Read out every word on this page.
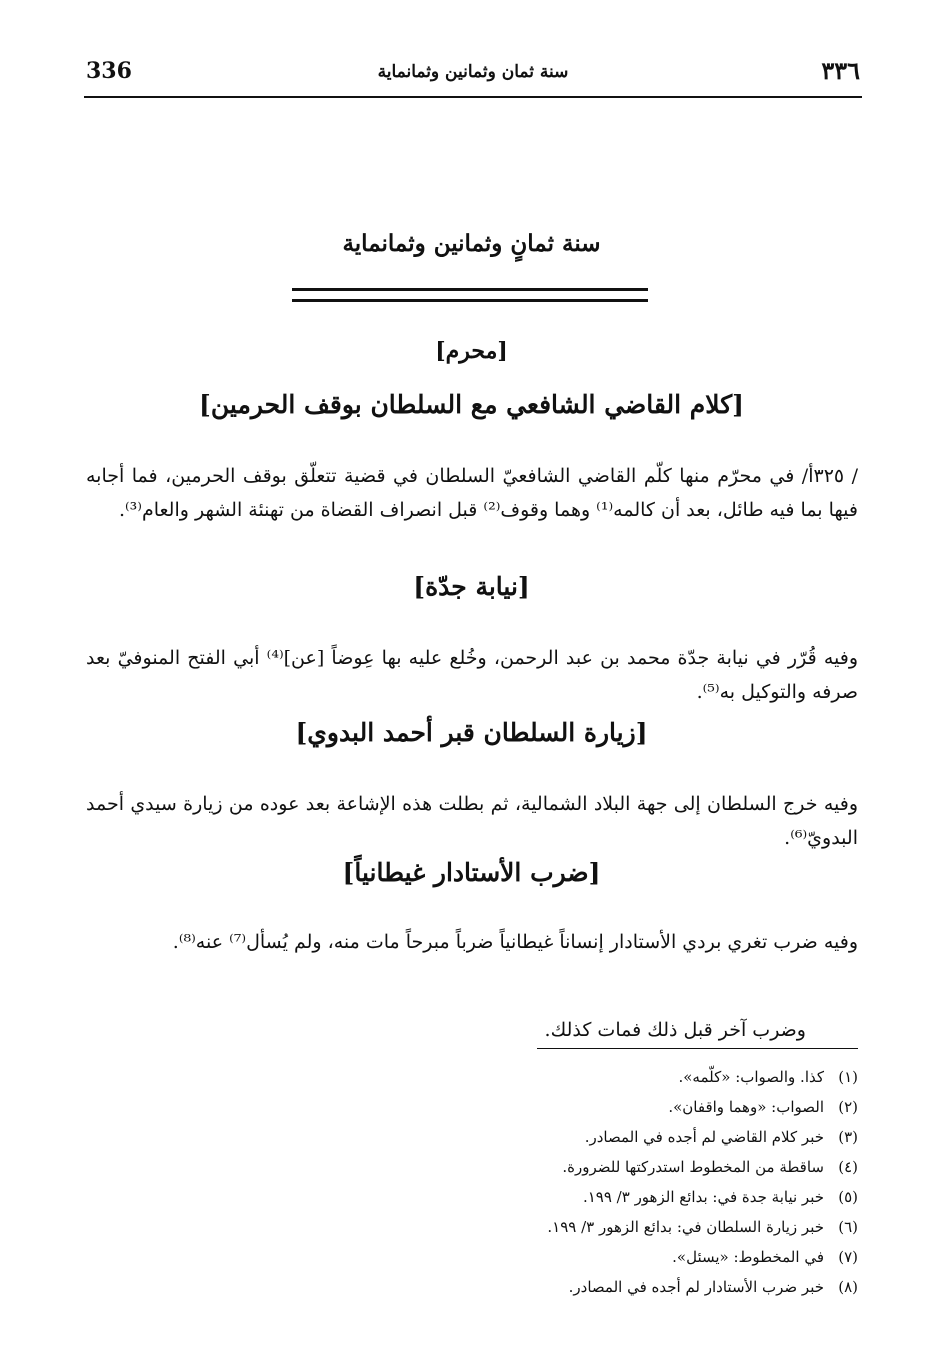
336	سنة ثمان وثمانين وثمانماية	٣٣٦
سنة ثمانٍ وثمانين وثمانماية
[محرم]
[كلام القاضي الشافعي مع السلطان بوقف الحرمين]

/ ٣٢٥أ/ في محرّم منها كلّم القاضي الشافعيّ السلطان في قضية تتعلّق بوقف الحرمين، فما أجابه فيها بما فيه طائل، بعد أن كالمه⁽¹⁾ وهما وقوف⁽²⁾ قبل انصراف القضاة من تهنئة الشهر والعام⁽³⁾.

[نيابة جدّة]

وفيه قُرّر في نيابة جدّة محمد بن عبد الرحمن، وخُلع عليه بها عِوضاً [عن]⁽⁴⁾ أبي الفتح المنوفيّ بعد صرفه والتوكيل به⁽⁵⁾.

[زيارة السلطان قبر أحمد البدوي]

وفيه خرج السلطان إلى جهة البلاد الشمالية، ثم بطلت هذه الإشاعة بعد عوده من زيارة سيدي أحمد البدويّ⁽⁶⁾.

[ضرب الأستادار غيطانياً]

وفيه ضرب تغري بردي الأستادار إنساناً غيطانياً ضرباً مبرحاً مات منه، ولم يُسأل⁽⁷⁾ عنه⁽⁸⁾.

وضرب آخر قبل ذلك فمات كذلك.

(١)كذا. والصواب: «كلّمه».
(٢)الصواب: «وهما واقفان».
(٣)خبر كلام القاضي لم أجده في المصادر.
(٤)ساقطة من المخطوط استدركتها للضرورة.
(٥)خبر نيابة جدة في: بدائع الزهور ٣/ ١٩٩.
(٦)خبر زيارة السلطان في: بدائع الزهور ٣/ ١٩٩.
(٧)في المخطوط: «يسئل».
(٨)خبر ضرب الأستادار لم أجده في المصادر.
